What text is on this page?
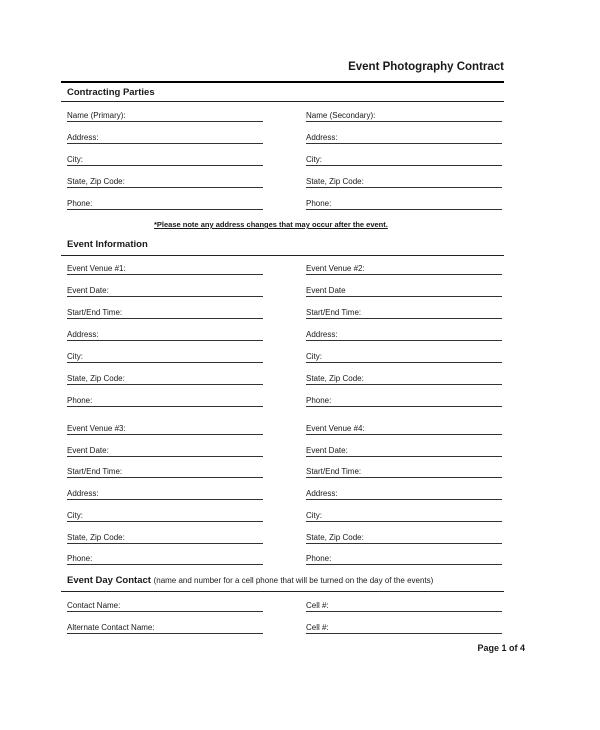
Event Photography Contract
Contracting Parties
Name (Primary):	Name (Secondary):
Address:	Address:
City:	City:
State, Zip Code:	State, Zip Code:
Phone:	Phone:
*Please note any address changes that may occur after the event.
Event Information
Event Venue #1:	Event Venue #2:
Event Date:	Event Date
Start/End Time:	Start/End Time:
Address:	Address:
City:	City:
State, Zip Code:	State, Zip Code:
Phone:	Phone:
Event Venue #3:	Event Venue #4:
Event Date:	Event Date:
Start/End Time:	Start/End Time:
Address:	Address:
City:	City:
State, Zip Code:	State, Zip Code:
Phone:	Phone:
Event Day Contact (name and number for a cell phone that will be turned on the day of the events)
Contact Name:	Cell #:
Alternate Contact Name:	Cell #:
Page 1 of 4
